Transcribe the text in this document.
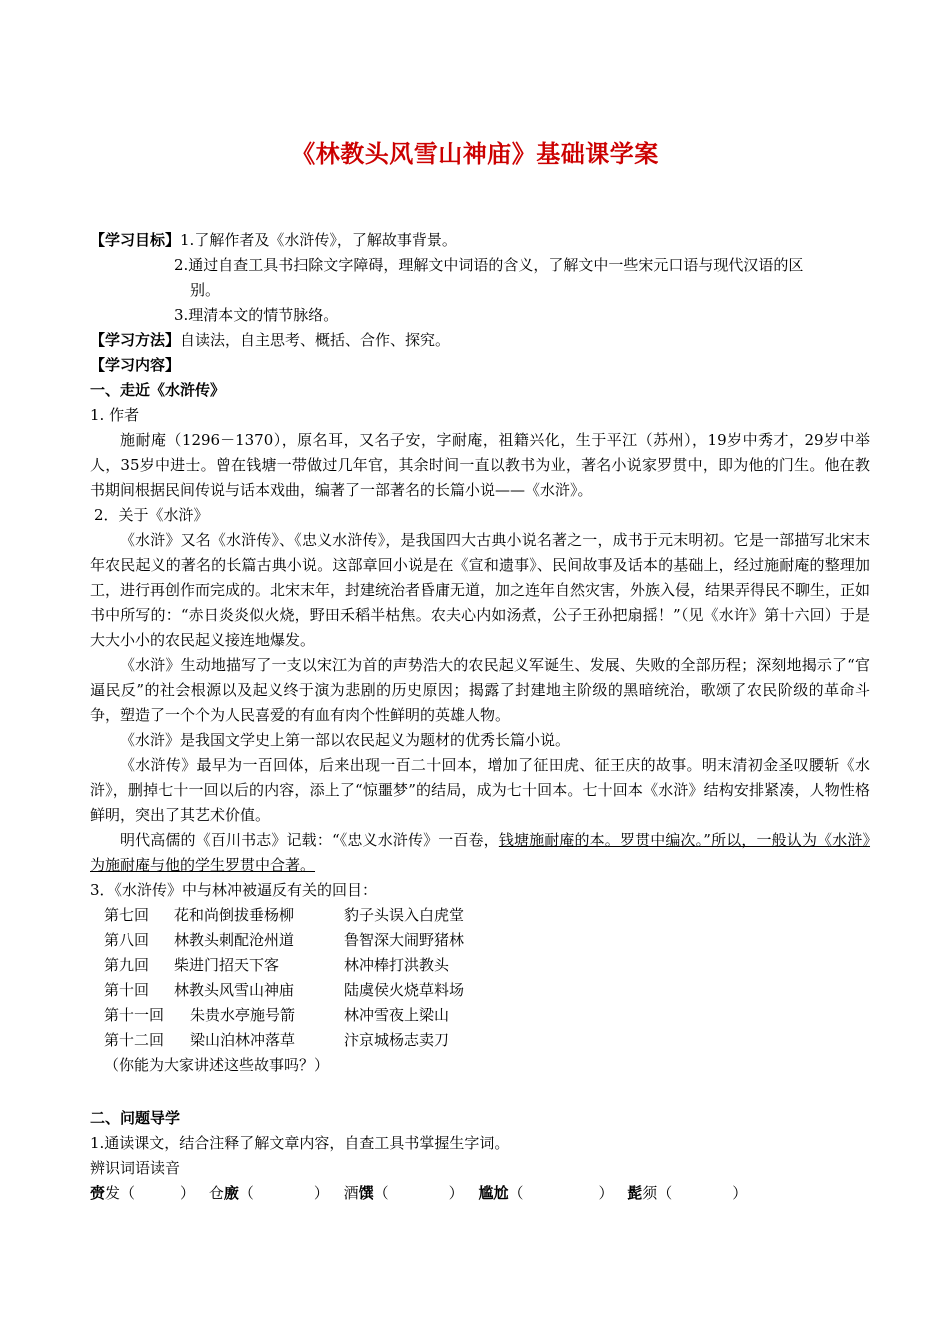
《林教头风雪山神庙》基础课学案
【学习目标】1.了解作者及《水浒传》，了解故事背景。
2.通过自查工具书扫除文字障碍，理解文中词语的含义，了解文中一些宋元口语与现代汉语的区
别。
3.理清本文的情节脉络。
【学习方法】自读法，自主思考、概括、合作、探究。
【学习内容】
一、走近《水浒传》
1. 作者
施耐庵（1296－1370），原名耳，又名子安，字耐庵，祖籍兴化，生于平江（苏州），19岁中秀才，29岁中举人，35岁中进士。曾在钱塘一带做过几年官，其余时间一直以教书为业，著名小说家罗贯中，即为他的门生。他在教书期间根据民间传说与话本戏曲，编著了一部著名的长篇小说——《水浒》。
2．关于《水浒》
《水浒》又名《水浒传》、《忠义水浒传》，是我国四大古典小说名著之一，成书于元末明初。它是一部描写北宋末年农民起义的著名的长篇古典小说。这部章回小说是在《宣和遗事》、民间故事及话本的基础上，经过施耐庵的整理加工，进行再创作而完成的。北宋末年，封建统治者昏庸无道，加之连年自然灾害，外族入侵，结果弄得民不聊生，正如书中所写的：“赤日炎炎似火烧，野田禾稻半枯焦。农夫心内如汤煮，公子王孙把扇摇！”（见《水许》第十六回）于是大大小小的农民起义接连地爆发。
《水浒》生动地描写了一支以宋江为首的声势浩大的农民起义军诞生、发展、失败的全部历程；深刻地揭示了“官逼民反”的社会根源以及起义终于演为悲剧的历史原因；揭露了封建地主阶级的黑暗统治，歌颂了农民阶级的革命斗争，塑造了一个个为人民喜爱的有血有肉个性鲜明的英雄人物。
《水浒》是我国文学史上第一部以农民起义为题材的优秀长篇小说。
《水浒传》最早为一百回体，后来出现一百二十回本，增加了征田虎、征王庆的故事。明末清初金圣叹腰斩《水浒》，删掉七十一回以后的内容，添上了“惊噩梦”的结局，成为七十回本。七十回本《水浒》结构安排紧凑，人物性格鲜明，突出了其艺术价值。
明代高儒的《百川书志》记载：“《忠义水浒传》一百卷，钱塘施耐庵的本。罗贯中编次。”所以，一般认为《水浒》为施耐庵与他的学生罗贯中合著。
3．《水浒传》中与林冲被逼反有关的回目：
第七回 花和尚倒拔垂杨柳	豹子头误入白虎堂
第八回 林教头刺配沧州道	鲁智深大闹野猪林
第九回 柴进门招天下客	林冲棒打洪教头
第十回 林教头风雪山神庙	陆虞侯火烧草料场
第十一回 朱贵水亭施号箭	林冲雪夜上梁山
第十二回 梁山泊林冲落草	汴京城杨志卖刀
（你能为大家讲述这些故事吗？）
二、问题导学
1.通读课文，结合注释了解文章内容，自查工具书掌握生字词。
辨识词语读音
赍发（　　　） 仓廒（　　　　） 酒馔（　　　　） 尴尬（　　　　　） 髭须（　　　　）
